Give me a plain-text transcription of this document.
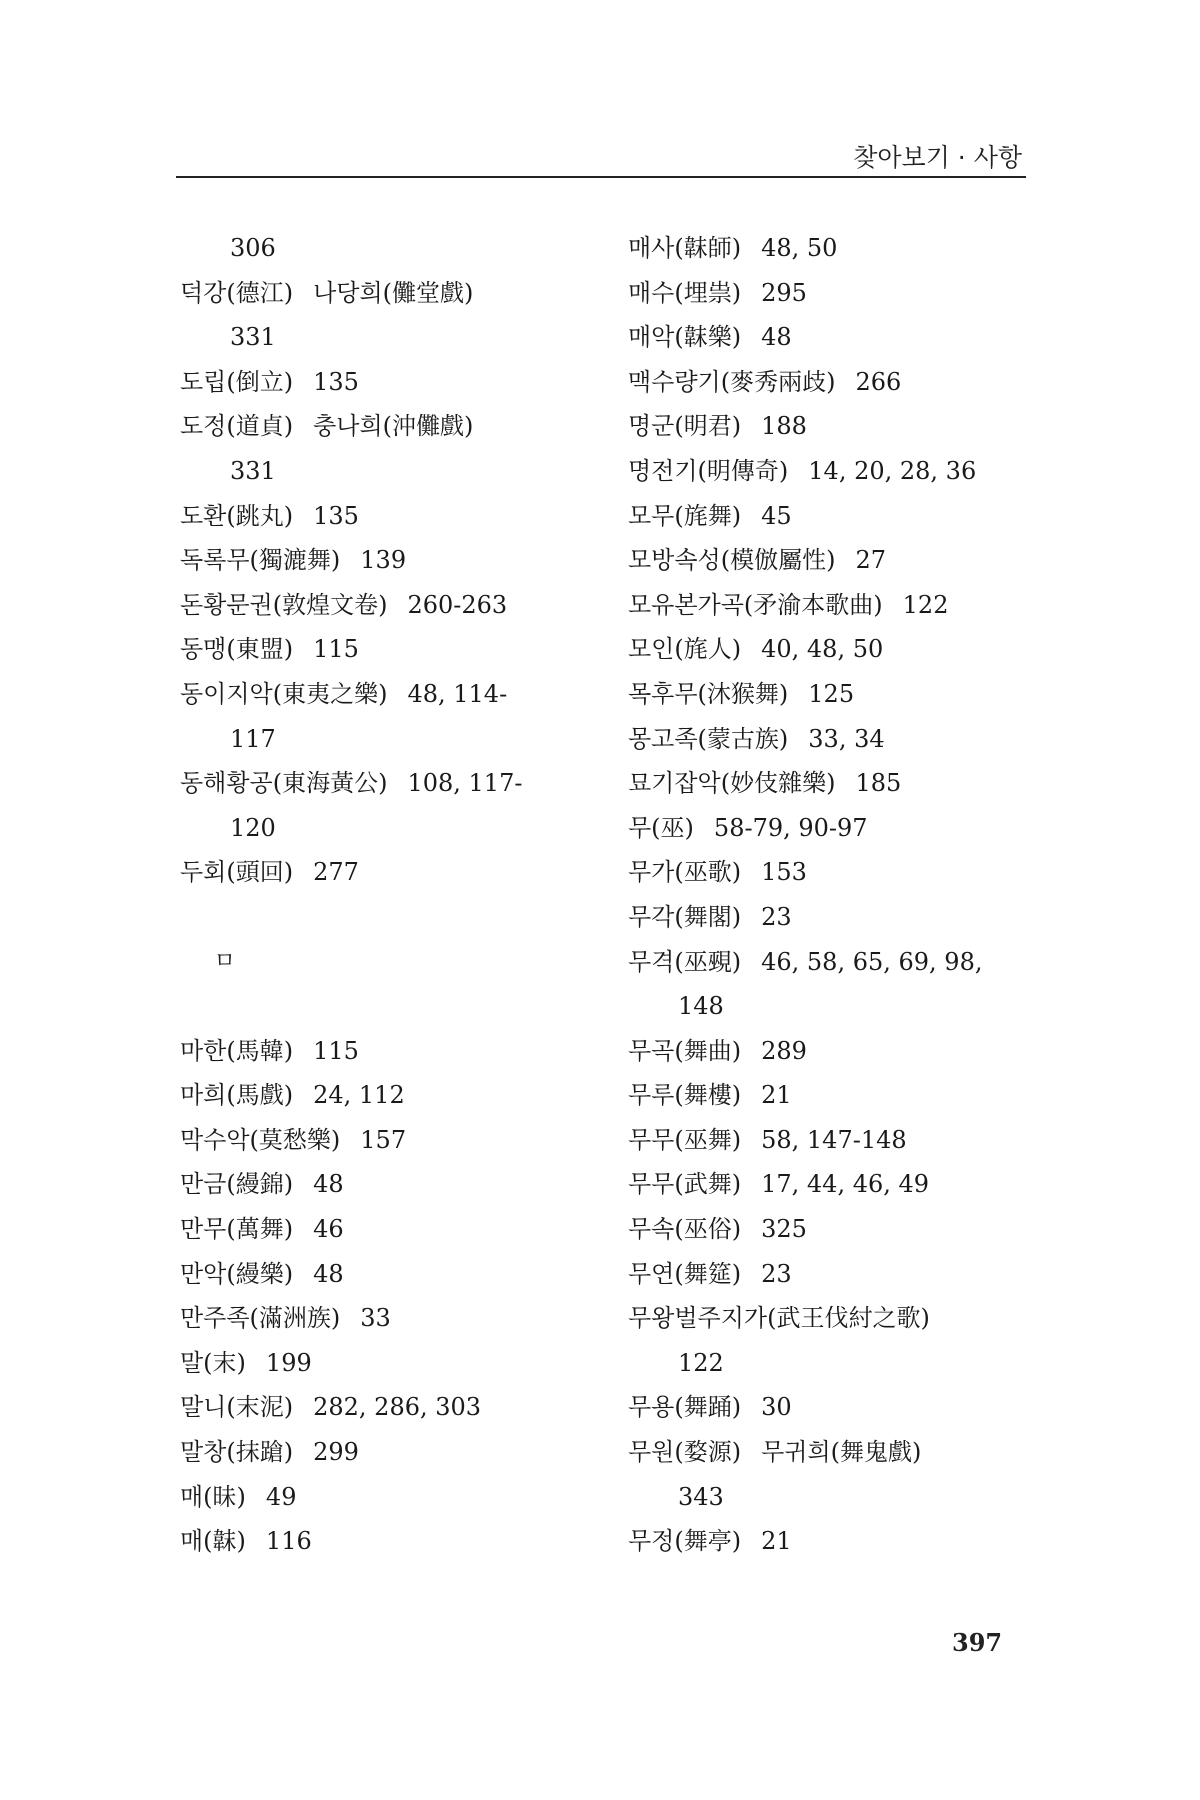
찾아보기 · 사항
306
덕강(德江) 나당희(儺堂戲)
331
도립(倒立) 135
도정(道貞) 충나희(沖儺戲)
331
도환(跳丸) 135
독록무(獨漉舞) 139
돈황문권(敦煌文卷) 260-263
동맹(東盟) 115
동이지악(東夷之樂) 48, 114-
117
동해황공(東海黃公) 108, 117-
120
두회(頭回) 277
ㅁ
마한(馬韓) 115
마희(馬戲) 24, 112
막수악(莫愁樂) 157
만금(縵錦) 48
만무(萬舞) 46
만악(縵樂) 48
만주족(滿洲族) 33
말(末) 199
말니(末泥) 282, 286, 303
말창(抹蹌) 299
매(昧) 49
매(韎) 116
매사(韎師) 48, 50
매수(埋祟) 295
매악(韎樂) 48
맥수량기(麥秀兩歧) 266
명군(明君) 188
명전기(明傳奇) 14, 20, 28, 36
모무(旄舞) 45
모방속성(模倣屬性) 27
모유본가곡(矛渝本歌曲) 122
모인(旄人) 40, 48, 50
목후무(沐猴舞) 125
몽고족(蒙古族) 33, 34
묘기잡악(妙伎雜樂) 185
무(巫) 58-79, 90-97
무가(巫歌) 153
무각(舞閣) 23
무격(巫覡) 46, 58, 65, 69, 98,
148
무곡(舞曲) 289
무루(舞樓) 21
무무(巫舞) 58, 147-148
무무(武舞) 17, 44, 46, 49
무속(巫俗) 325
무연(舞筵) 23
무왕벌주지가(武王伐紂之歌)
122
무용(舞踊) 30
무원(婺源) 무귀희(舞鬼戲)
343
무정(舞亭) 21
397
